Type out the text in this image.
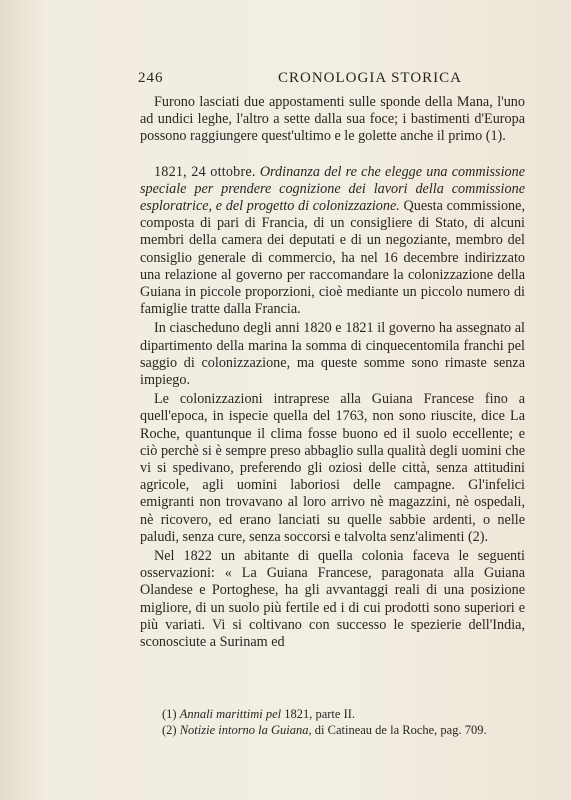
246	CRONOLOGIA STORICA

Furono lasciati due appostamenti sulle sponde della Mana, l'uno ad undici leghe, l'altro a sette dalla sua foce; i bastimenti d'Europa possono raggiungere quest'ultimo e le golette anche il primo (1).

1821, 24 ottobre. Ordinanza del re che elegge una commissione speciale per prendere cognizione dei lavori della commissione esploratrice, e del progetto di colonizzazione. Questa commissione, composta di pari di Francia, di un consigliere di Stato, di alcuni membri della camera dei deputati e di un negoziante, membro del consiglio generale di commercio, ha nel 16 decembre indirizzato una relazione al governo per raccomandare la colonizzazione della Guiana in piccole proporzioni, cioè mediante un piccolo numero di famiglie tratte dalla Francia.

In ciascheduno degli anni 1820 e 1821 il governo ha assegnato al dipartimento della marina la somma di cinquecentomila franchi pel saggio di colonizzazione, ma queste somme sono rimaste senza impiego.

Le colonizzazioni intraprese alla Guiana Francese fino a quell'epoca, in ispecie quella del 1763, non sono riuscite, dice La Roche, quantunque il clima fosse buono ed il suolo eccellente; e ciò perchè si è sempre preso abbaglio sulla qualità degli uomini che vi si spedivano, preferendo gli oziosi delle città, senza attitudini agricole, agli uomini laboriosi delle campagne. Gl'infelici emigranti non trovavano al loro arrivo nè magazzini, nè ospedali, nè ricovero, ed erano lanciati su quelle sabbie ardenti, o nelle paludi, senza cure, senza soccorsi e talvolta senz'alimenti (2).

Nel 1822 un abitante di quella colonia faceva le seguenti osservazioni: « La Guiana Francese, paragonata alla Guiana Olandese e Portoghese, ha gli avvantaggi reali di una posizione migliore, di un suolo più fertile ed i di cui prodotti sono superiori e più variati. Vi si coltivano con successo le spezierie dell'India, sconosciute a Surinam ed

(1) Annali marittimi pel 1821, parte II.

(2) Notizie intorno la Guiana, di Catineau de la Roche, pag. 709.
